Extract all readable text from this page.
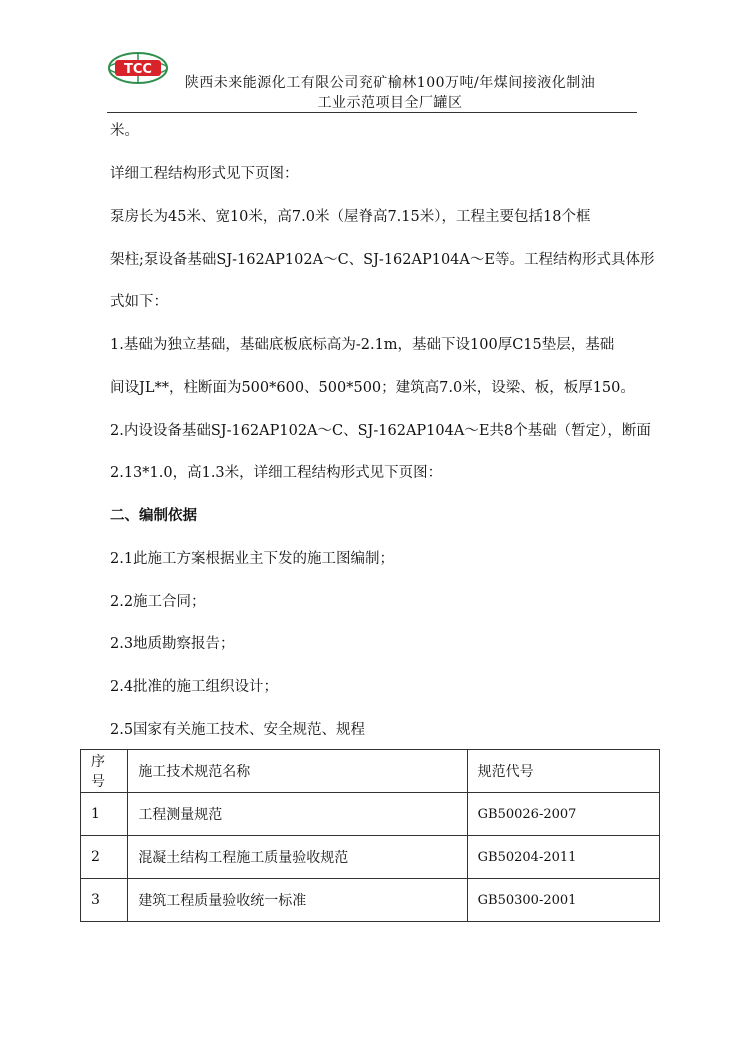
TCC
陕西未来能源化工有限公司兖矿榆林100万吨/年煤间接液化制油
工业示范项目全厂罐区
米。
详细工程结构形式见下页图：
泵房长为45米、宽10米，高7.0米（屋脊高7.15米），工程主要包括18个框
架柱;泵设备基础SJ-162AP102A～C、SJ-162AP104A～E等。工程结构形式具体形
式如下：
1.基础为独立基础，基础底板底标高为-2.1m，基础下设100厚C15垫层，基础
间设JL**，柱断面为500*600、500*500；建筑高7.0米，设梁、板，板厚150。
2.内设设备基础SJ-162AP102A～C、SJ-162AP104A～E共8个基础（暂定），断面
2.13*1.0，高1.3米，详细工程结构形式见下页图：
二、编制依据
2.1此施工方案根据业主下发的施工图编制；
2.2施工合同；
2.3地质勘察报告；
2.4批准的施工组织设计；
2.5国家有关施工技术、安全规范、规程
序号	施工技术规范名称	规范代号
1	工程测量规范	GB50026-2007
2	混凝土结构工程施工质量验收规范	GB50204-2011
3	建筑工程质量验收统一标准	GB50300-2001
